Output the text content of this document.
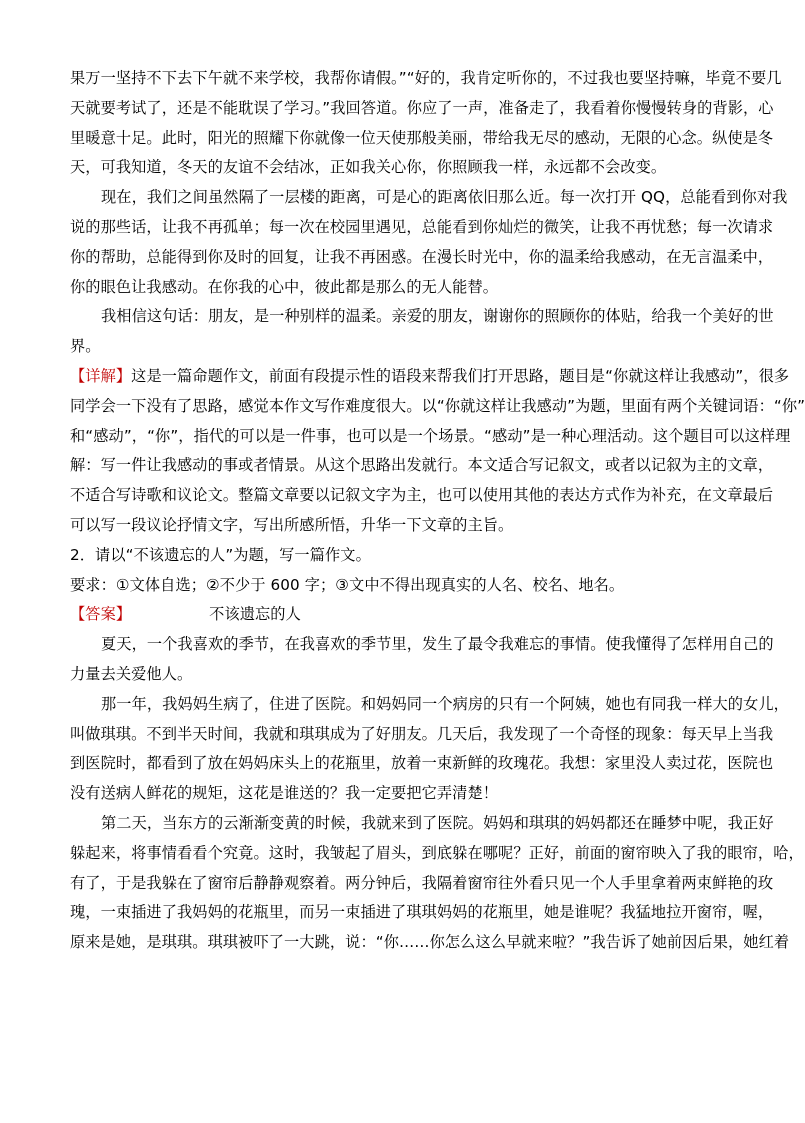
果万一坚持不下去下午就不来学校，我帮你请假。”“好的，我肯定听你的，不过我也要坚持嘛，毕竟不要几
天就要考试了，还是不能耽误了学习。”我回答道。你应了一声，准备走了，我看着你慢慢转身的背影，心
里暖意十足。此时，阳光的照耀下你就像一位天使那般美丽，带给我无尽的感动，无限的心念。纵使是冬
天，可我知道，冬天的友谊不会结冰，正如我关心你，你照顾我一样，永远都不会改变。
现在，我们之间虽然隔了一层楼的距离，可是心的距离依旧那么近。每一次打开 QQ，总能看到你对我
说的那些话，让我不再孤单；每一次在校园里遇见，总能看到你灿烂的微笑，让我不再忧愁；每一次请求
你的帮助，总能得到你及时的回复，让我不再困惑。在漫长时光中，你的温柔给我感动，在无言温柔中，
你的眼色让我感动。在你我的心中，彼此都是那么的无人能替。
我相信这句话：朋友，是一种别样的温柔。亲爱的朋友，谢谢你的照顾你的体贴，给我一个美好的世
界。
【详解】这是一篇命题作文，前面有段提示性的语段来帮我们打开思路，题目是“你就这样让我感动”，很多
同学会一下没有了思路，感觉本作文写作难度很大。以“你就这样让我感动”为题，里面有两个关键词语：“你”
和“感动”，“你”，指代的可以是一件事，也可以是一个场景。“感动”是一种心理活动。这个题目可以这样理
解：写一件让我感动的事或者情景。从这个思路出发就行。本文适合写记叙文，或者以记叙为主的文章，
不适合写诗歌和议论文。整篇文章要以记叙文字为主，也可以使用其他的表达方式作为补充，在文章最后
可以写一段议论抒情文字，写出所感所悟，升华一下文章的主旨。
2．请以“不该遗忘的人”为题，写一篇作文。
要求：①文体自选；②不少于 600 字；③文中不得出现真实的人名、校名、地名。
【答案】	不该遗忘的人
夏天，一个我喜欢的季节，在我喜欢的季节里，发生了最令我难忘的事情。使我懂得了怎样用自己的
力量去关爱他人。
那一年，我妈妈生病了，住进了医院。和妈妈同一个病房的只有一个阿姨，她也有同我一样大的女儿，
叫做琪琪。不到半天时间，我就和琪琪成为了好朋友。几天后，我发现了一个奇怪的现象：每天早上当我
到医院时，都看到了放在妈妈床头上的花瓶里，放着一束新鲜的玫瑰花。我想：家里没人卖过花，医院也
没有送病人鲜花的规矩，这花是谁送的？我一定要把它弄清楚！
第二天，当东方的云渐渐变黄的时候，我就来到了医院。妈妈和琪琪的妈妈都还在睡梦中呢，我正好
躲起来，将事情看看个究竟。这时，我皱起了眉头，到底躲在哪呢？正好，前面的窗帘映入了我的眼帘，哈，
有了，于是我躲在了窗帘后静静观察着。两分钟后，我隔着窗帘往外看只见一个人手里拿着两束鲜艳的玫
瑰，一束插进了我妈妈的花瓶里，而另一束插进了琪琪妈妈的花瓶里，她是谁呢？我猛地拉开窗帘，喔，
原来是她，是琪琪。琪琪被吓了一大跳，说：“你……你怎么这么早就来啦？”我告诉了她前因后果，她红着
